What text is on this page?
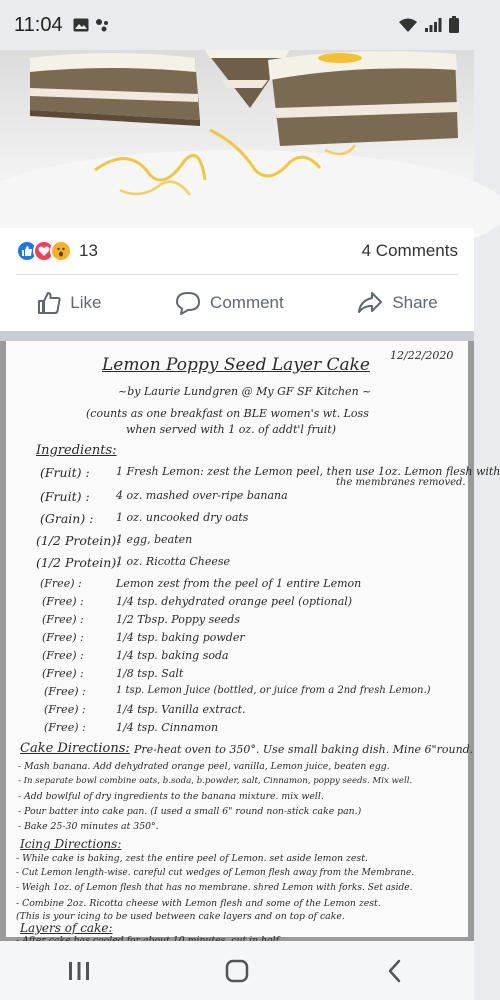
11:04
13	4 Comments
Like	Comment	Share
12/22/2020
Lemon Poppy Seed Layer Cake
~by Laurie Lundgren @ My GF SF Kitchen ~
(counts as one breakfast on BLE women's wt. Loss
when served with 1 oz. of addt'l fruit)
Ingredients:
(Fruit) : 1 Fresh Lemon: zest the Lemon peel, then use 1oz. Lemon flesh with
the membranes removed.
(Fruit) : 4 oz. mashed over-ripe banana
(Grain) : 1 oz. uncooked dry oats
(1/2 Protein):
1 egg, beaten
(1/2 Protein):
1 oz. Ricotta Cheese
(Free) :	Lemon zest from the peel of 1 entire Lemon
(Free) :	1/4 tsp. dehydrated orange peel (optional)
(Free) :	1/2 Tbsp. Poppy seeds
(Free) :	1/4 tsp. baking powder
(Free) :	1/4 tsp. baking soda
(Free) :	1/8 tsp. Salt
(Free) :	1 tsp. Lemon Juice (bottled, or juice from a 2nd fresh Lemon.)
(Free) :	1/4 tsp. Vanilla extract.
(Free) :	1/4 tsp. Cinnamon
Cake Directions: Pre-heat oven to 350°. Use small baking dish. Mine 6"round.
- Mash banana. Add dehydrated orange peel, vanilla, Lemon juice, beaten egg.
- In separate bowl combine oats, b.soda, b.powder, salt, Cinnamon, poppy seeds. Mix well.
- Add bowlful of dry ingredients to the banana mixture. mix well.
- Pour batter into cake pan. (I used a small 6" round non-stick cake pan.)
- Bake 25-30 minutes at 350°.
Icing Directions:
- While cake is baking, zest the entire peel of Lemon. set aside lemon zest.
- Cut Lemon length-wise. careful cut wedges of Lemon flesh away from the Membrane.
- Weigh 1oz. of Lemon flesh that has no membrane. shred Lemon with forks. Set aside.
- Combine 2oz. Ricotta cheese with Lemon flesh and some of the Lemon zest.
(This is your icing to be used between cake layers and on top of cake.
Layers of cake:
